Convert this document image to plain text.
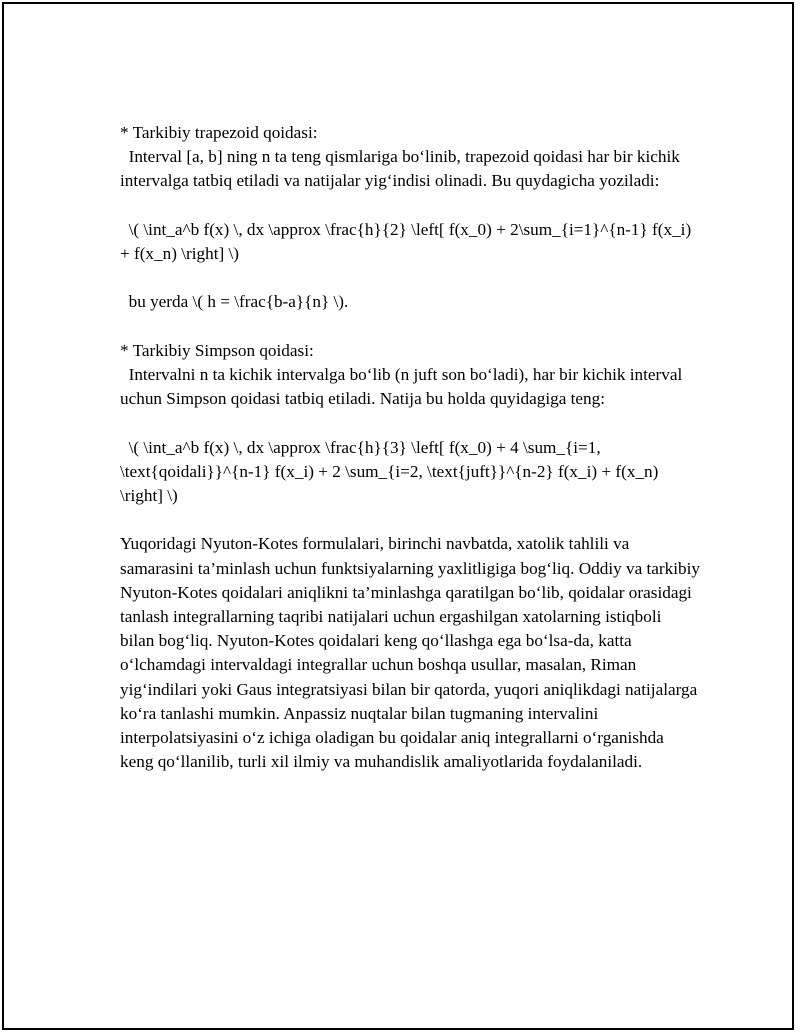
* Tarkibiy trapezoid qoidasi:

Interval [a, b] ning n ta teng qismlariga bo‘linib, trapezoid qoidasi har bir kichik intervalga tatbiq etiladi va natijalar yig‘indisi olinadi. Bu quydagicha yoziladi:

\( \int_a^b f(x) \, dx \approx \frac{h}{2} \left[ f(x_0) + 2\sum_{i=1}^{n-1} f(x_i) + f(x_n) \right] \)

bu yerda \( h = \frac{b-a}{n} \).

* Tarkibiy Simpson qoidasi:

Intervalni n ta kichik intervalga bo‘lib (n juft son bo‘ladi), har bir kichik interval uchun Simpson qoidasi tatbiq etiladi. Natija bu holda quyidagiga teng:

\( \int_a^b f(x) \, dx \approx \frac{h}{3} \left[ f(x_0) + 4 \sum_{i=1, \text{qoidali}}^{n-1} f(x_i) + 2 \sum_{i=2, \text{juft}}^{n-2} f(x_i) + f(x_n) \right] \)

Yuqoridagi Nyuton-Kotes formulalari, birinchi navbatda, xatolik tahlili va samarasini ta’minlash uchun funktsiyalarning yaxlitligiga bog‘liq. Oddiy va tarkibiy Nyuton-Kotes qoidalari aniqlikni ta’minlashga qaratilgan bo‘lib, qoidalar orasidagi tanlash integrallarning taqribi natijalari uchun ergashilgan xatolarning istiqboli bilan bog‘liq. Nyuton-Kotes qoidalari keng qo‘llashga ega bo‘lsa-da, katta o‘lchamdagi intervaldagi integrallar uchun boshqa usullar, masalan, Riman yig‘indilari yoki Gaus integratsiyasi bilan bir qatorda, yuqori aniqlikdagi natijalarga ko‘ra tanlashi mumkin. Anpassiz nuqtalar bilan tugmaning intervalini interpolatsiyasini o‘z ichiga oladigan bu qoidalar aniq integrallarni o‘rganishda keng qo‘llanilib, turli xil ilmiy va muhandislik amaliyotlarida foydalaniladi.
